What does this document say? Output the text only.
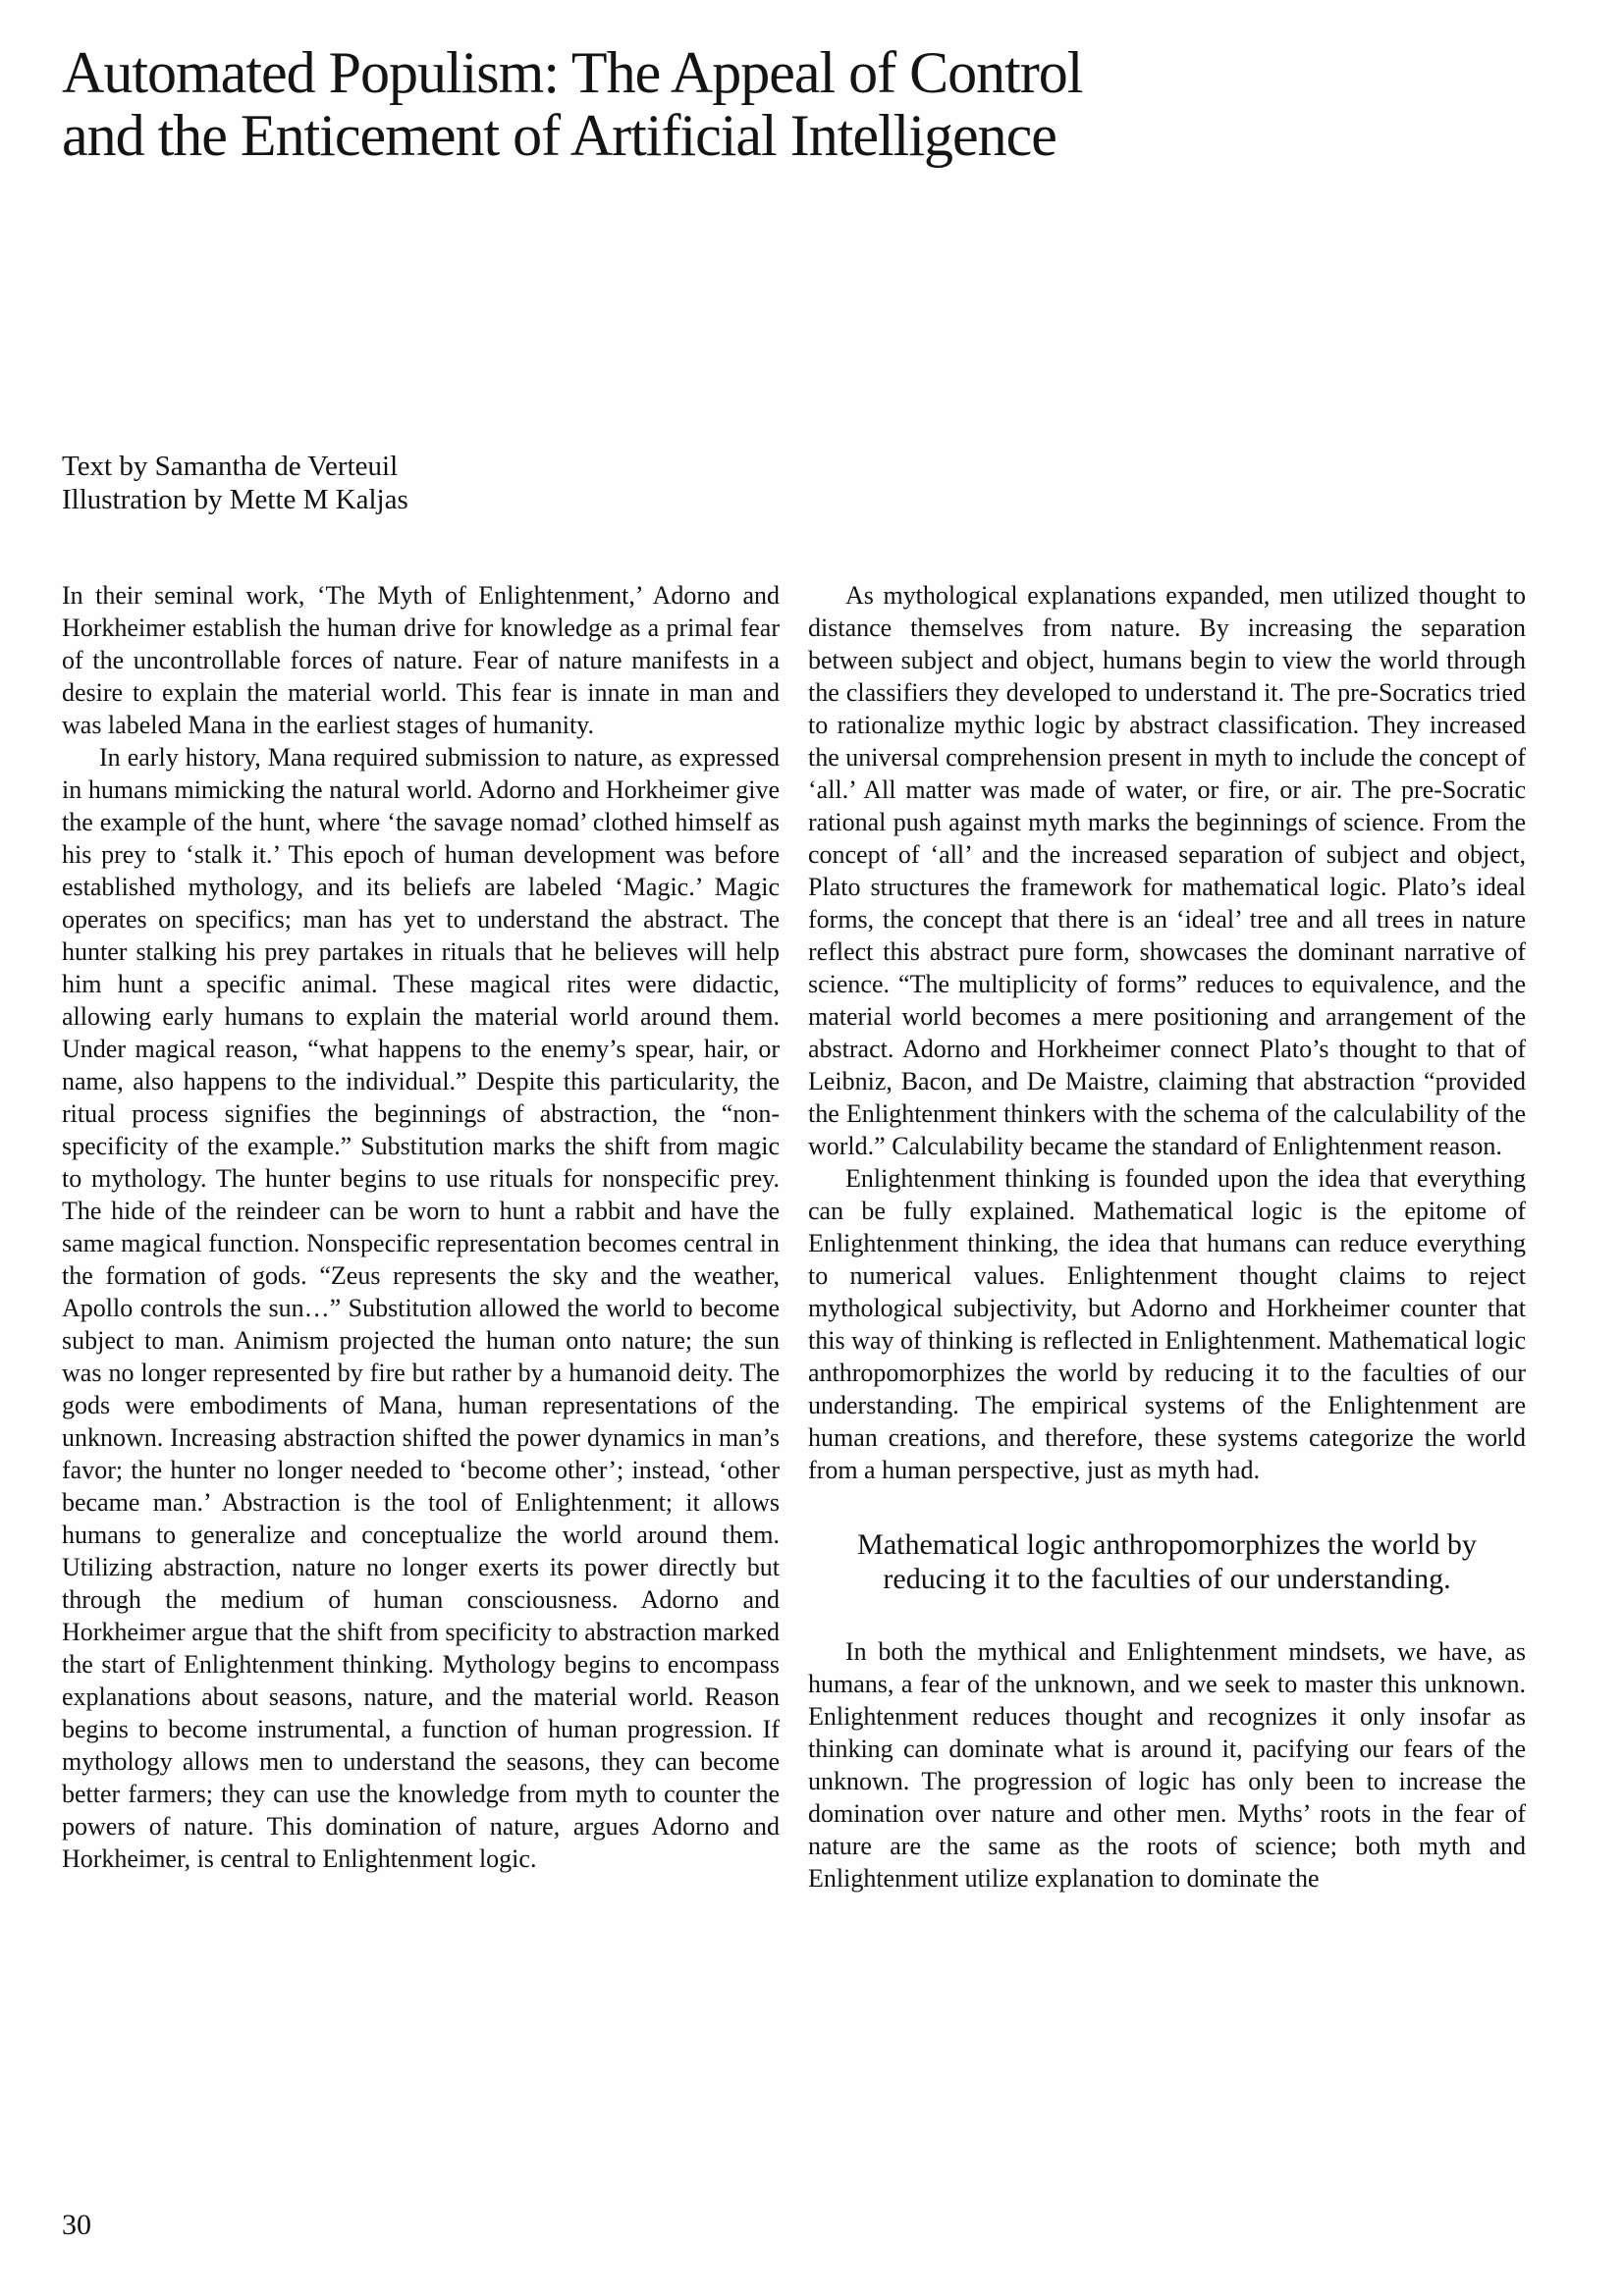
Automated Populism: The Appeal of Control
and the Enticement of Artificial Intelligence
Text by Samantha de Verteuil
Illustration by Mette M Kaljas

In their seminal work, ‘The Myth of Enlightenment,’ Adorno and Horkheimer establish the human drive for knowledge as a primal fear of the uncontrollable forces of nature. Fear of nature manifests in a desire to explain the material world. This fear is innate in man and was labeled Mana in the earliest stages of humanity.

In early history, Mana required submission to nature, as expressed in humans mimicking the natural world. Adorno and Horkheimer give the example of the hunt, where ‘the savage nomad’ clothed himself as his prey to ‘stalk it.’ This epoch of human development was before established mythology, and its beliefs are labeled ‘Magic.’ Magic operates on specifics; man has yet to understand the abstract. The hunter stalking his prey partakes in rituals that he believes will help him hunt a specific animal. These magical rites were didactic, allowing early humans to explain the material world around them. Under magical reason, “what happens to the enemy’s spear, hair, or name, also happens to the individual.” Despite this particularity, the ritual process signifies the beginnings of abstraction, the “non-specificity of the example.” Substitution marks the shift from magic to mythology. The hunter begins to use rituals for nonspecific prey. The hide of the reindeer can be worn to hunt a rabbit and have the same magical function. Nonspecific representation becomes central in the formation of gods. “Zeus represents the sky and the weather, Apollo controls the sun…” Substitution allowed the world to become subject to man. Animism projected the human onto nature; the sun was no longer represented by fire but rather by a humanoid deity. The gods were embodiments of Mana, human representations of the unknown. Increasing abstraction shifted the power dynamics in man’s favor; the hunter no longer needed to ‘become other’; instead, ‘other became man.’ Abstraction is the tool of Enlightenment; it allows humans to generalize and conceptualize the world around them. Utilizing abstraction, nature no longer exerts its power directly but through the medium of human consciousness. Adorno and Horkheimer argue that the shift from specificity to abstraction marked the start of Enlightenment thinking. Mythology begins to encompass explanations about seasons, nature, and the material world. Reason begins to become instrumental, a function of human progression. If mythology allows men to understand the seasons, they can become better farmers; they can use the knowledge from myth to counter the powers of nature. This domination of nature, argues Adorno and Horkheimer, is central to Enlightenment logic.

As mythological explanations expanded, men utilized thought to distance themselves from nature. By increasing the separation between subject and object, humans begin to view the world through the classifiers they developed to understand it. The pre-Socratics tried to rationalize mythic logic by abstract classification. They increased the universal comprehension present in myth to include the concept of ‘all.’ All matter was made of water, or fire, or air. The pre-Socratic rational push against myth marks the beginnings of science. From the concept of ‘all’ and the increased separation of subject and object, Plato structures the framework for mathematical logic. Plato’s ideal forms, the concept that there is an ‘ideal’ tree and all trees in nature reflect this abstract pure form, showcases the dominant narrative of science. “The multiplicity of forms” reduces to equivalence, and the material world becomes a mere positioning and arrangement of the abstract. Adorno and Horkheimer connect Plato’s thought to that of Leibniz, Bacon, and De Maistre, claiming that abstraction “provided the Enlightenment thinkers with the schema of the calculability of the world.” Calculability became the standard of Enlightenment reason.

Enlightenment thinking is founded upon the idea that everything can be fully explained. Mathematical logic is the epitome of Enlightenment thinking, the idea that humans can reduce everything to numerical values. Enlightenment thought claims to reject mythological subjectivity, but Adorno and Horkheimer counter that this way of thinking is reflected in Enlightenment. Mathematical logic anthropomorphizes the world by reducing it to the faculties of our understanding. The empirical systems of the Enlightenment are human creations, and therefore, these systems categorize the world from a human perspective, just as myth had.

Mathematical logic anthropomorphizes the world by reducing it to the faculties of our understanding.

In both the mythical and Enlightenment mindsets, we have, as humans, a fear of the unknown, and we seek to master this unknown. Enlightenment reduces thought and recognizes it only insofar as thinking can dominate what is around it, pacifying our fears of the unknown. The progression of logic has only been to increase the domination over nature and other men. Myths’ roots in the fear of nature are the same as the roots of science; both myth and Enlightenment utilize explanation to dominate the

30
